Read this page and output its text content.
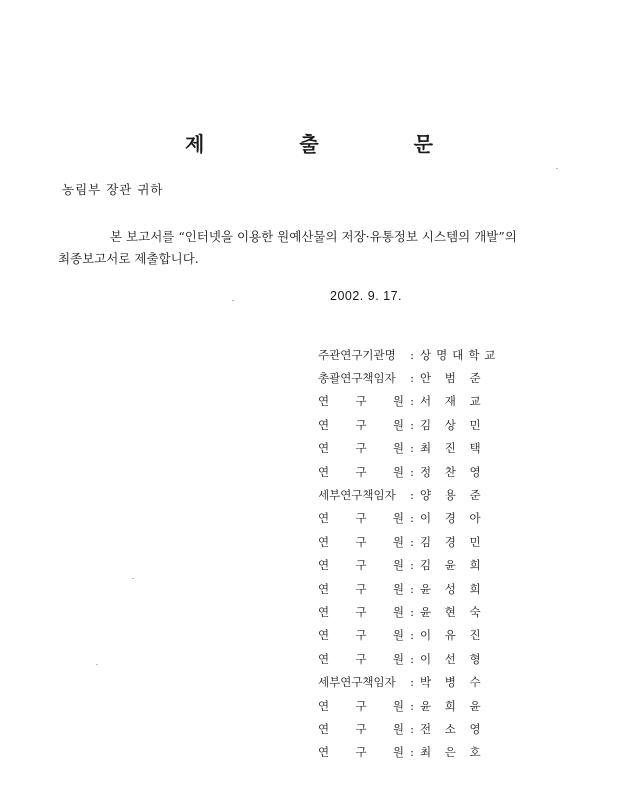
제 출 문
농림부 장관 귀하

본 보고서를 “인터넷을 이용한 원예산물의 저장·유통정보 시스템의 개발”의

최종보고서로 제출합니다.

2002. 9. 17.
주관연구기관명	: 상명대학교
총괄연구책임자	: 안 범 준
연 구 원 : 서 재 교
연 구 원 : 김 상 민
연 구 원 : 최 진 택
연 구 원 : 정 찬 영
세부연구책임자	: 양 용 준
연 구 원 : 이 경 아
연 구 원 : 김 경 민
연 구 원 : 김 윤 희
연 구 원 : 윤 성 희
연 구 원 : 윤 현 숙
연 구 원 : 이 유 진
연 구 원 : 이 선 형
세부연구책임자	: 박 병 수
연 구 원 : 윤 희 윤
연 구 원 : 전 소 영
연 구 원 : 최 은 호
